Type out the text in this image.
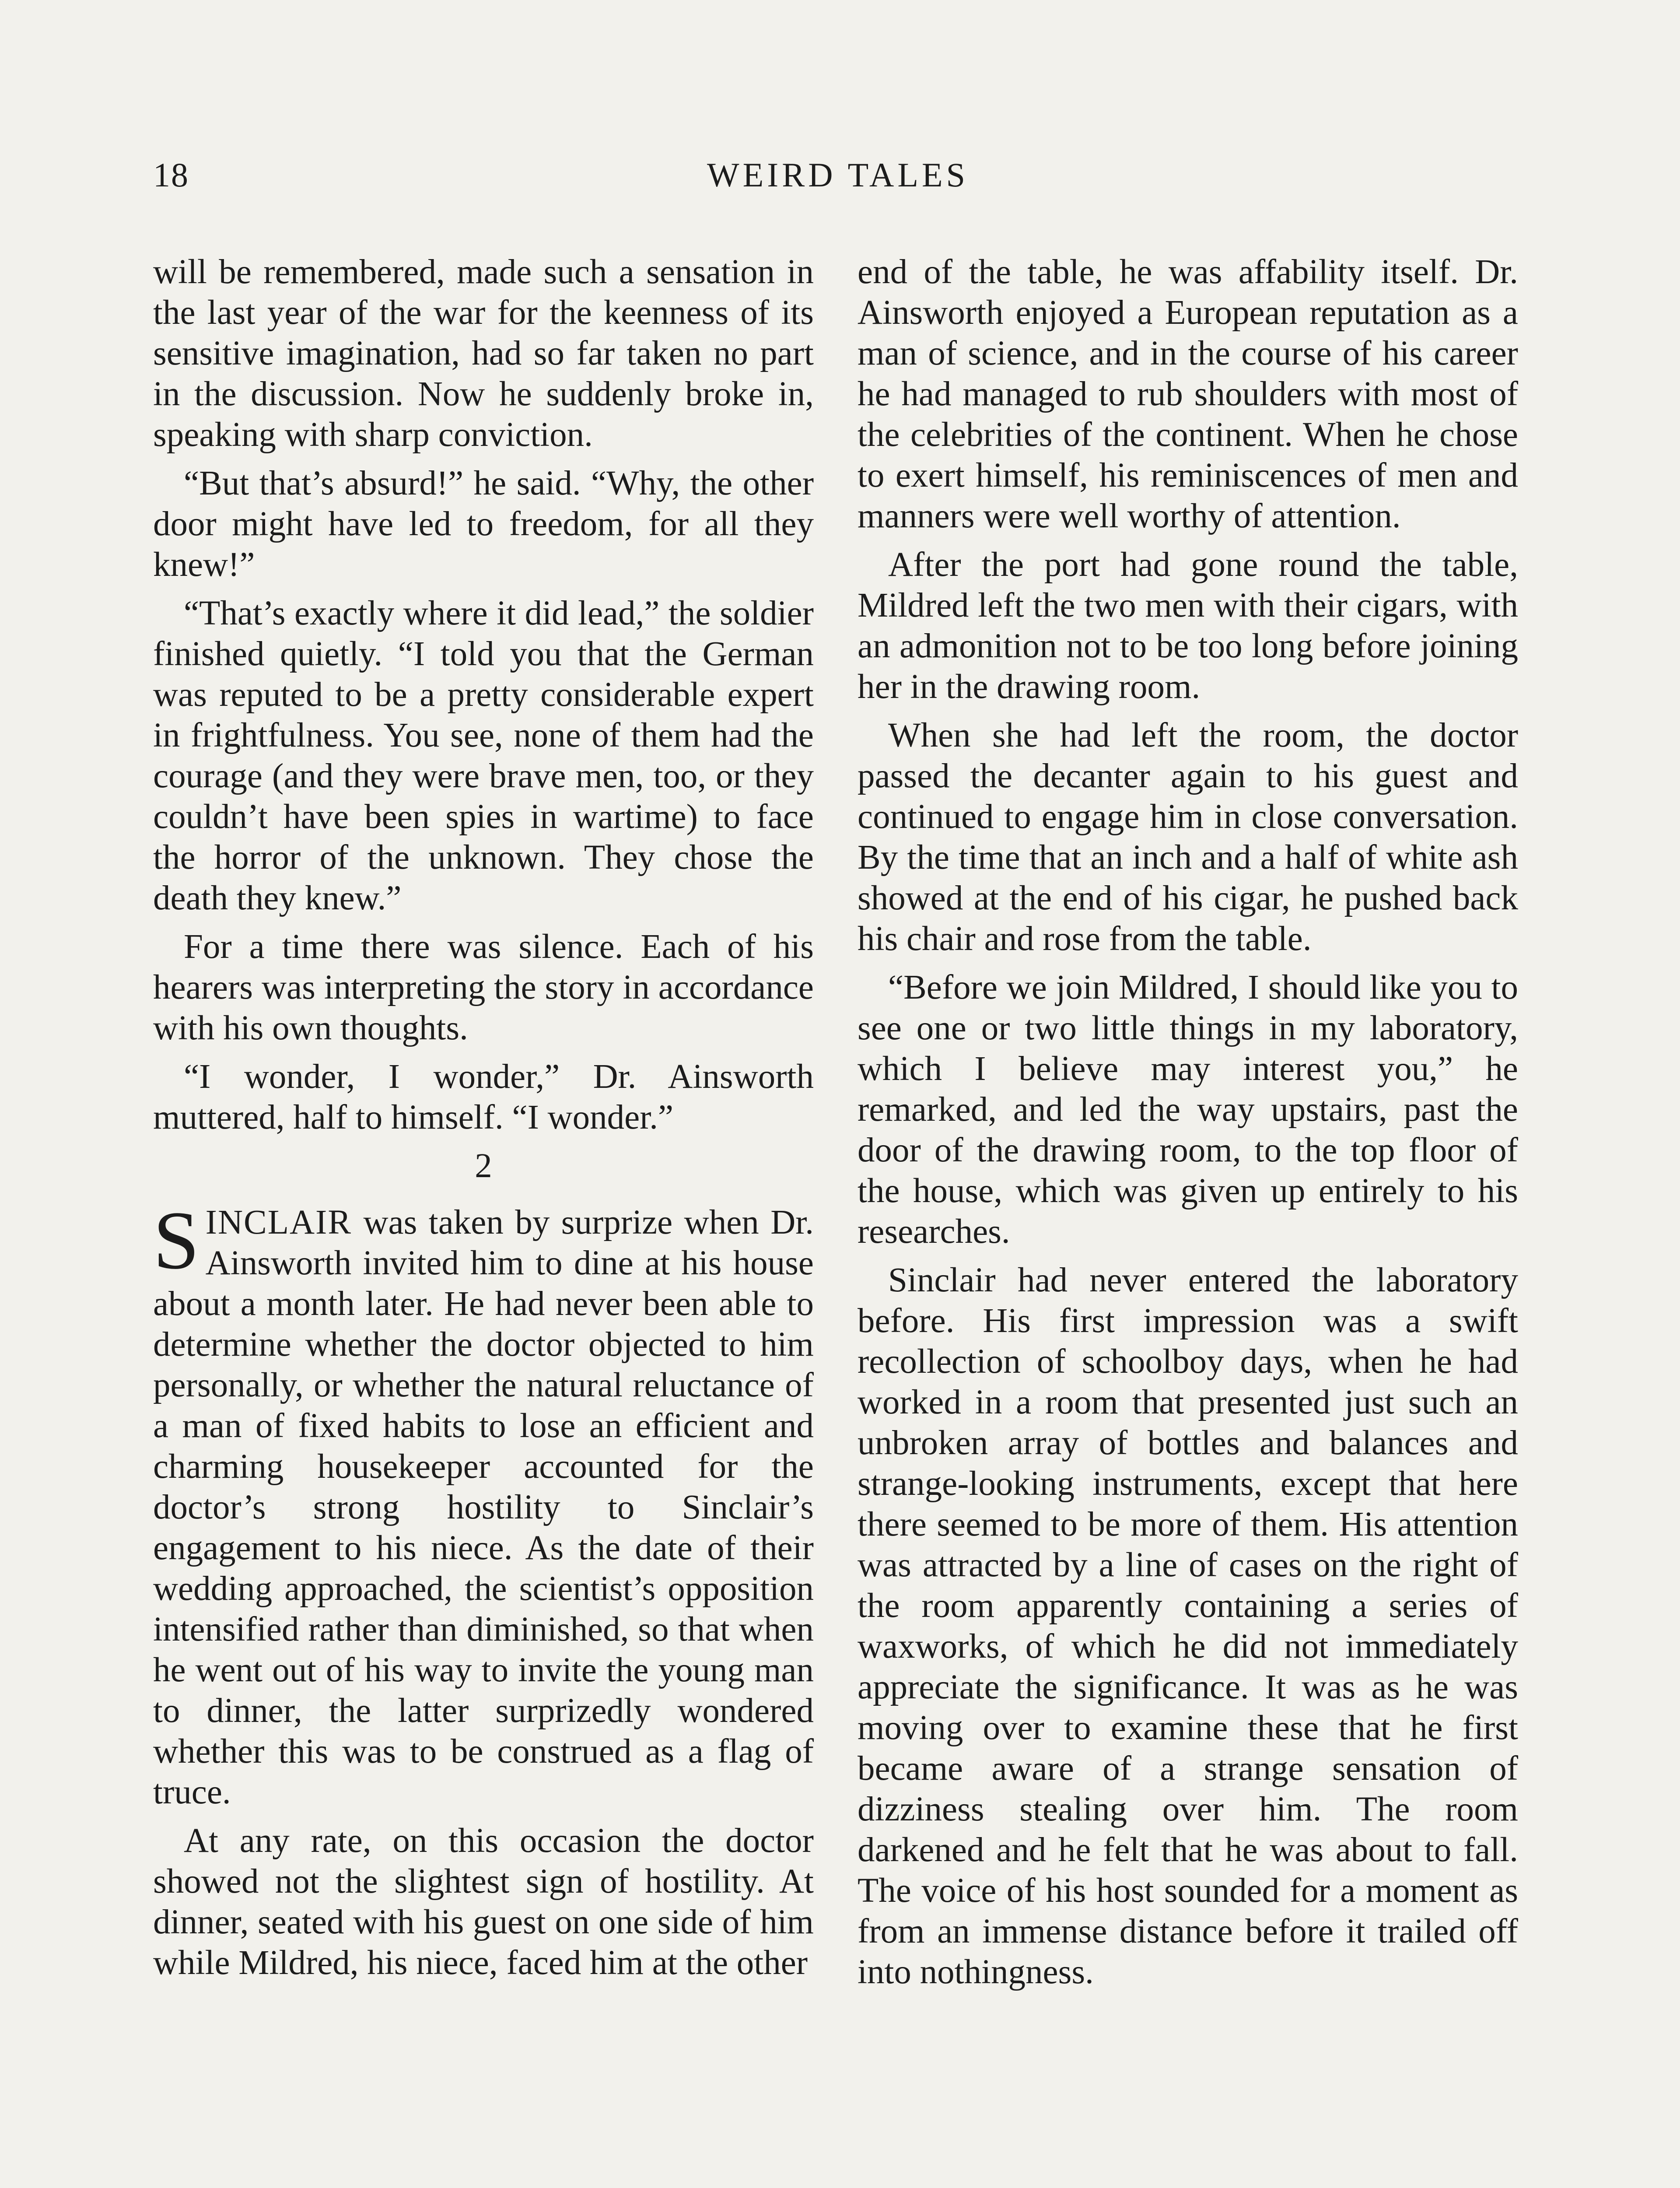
18	WEIRD TALES

will be remembered, made such a sensation in the last year of the war for the keenness of its sensitive imagination, had so far taken no part in the discussion. Now he suddenly broke in, speaking with sharp conviction.

“But that’s absurd!” he said. “Why, the other door might have led to freedom, for all they knew!”

“That’s exactly where it did lead,” the soldier finished quietly. “I told you that the German was reputed to be a pretty considerable expert in frightfulness. You see, none of them had the courage (and they were brave men, too, or they couldn’t have been spies in wartime) to face the horror of the unknown. They chose the death they knew.”

For a time there was silence. Each of his hearers was interpreting the story in accordance with his own thoughts.

“I wonder, I wonder,” Dr. Ainsworth muttered, half to himself. “I wonder.”

2

SINCLAIR was taken by surprize when Dr. Ainsworth invited him to dine at his house about a month later. He had never been able to determine whether the doctor objected to him personally, or whether the natural reluctance of a man of fixed habits to lose an efficient and charming housekeeper accounted for the doctor’s strong hostility to Sinclair’s engagement to his niece. As the date of their wedding approached, the scientist’s opposition intensified rather than diminished, so that when he went out of his way to invite the young man to dinner, the latter surprizedly wondered whether this was to be construed as a flag of truce.

At any rate, on this occasion the doctor showed not the slightest sign of hostility. At dinner, seated with his guest on one side of him while Mildred, his niece, faced him at the other

end of the table, he was affability itself. Dr. Ainsworth enjoyed a European reputation as a man of science, and in the course of his career he had managed to rub shoulders with most of the celebrities of the continent. When he chose to exert himself, his reminiscences of men and manners were well worthy of attention.

After the port had gone round the table, Mildred left the two men with their cigars, with an admonition not to be too long before joining her in the drawing room.

When she had left the room, the doctor passed the decanter again to his guest and continued to engage him in close conversation. By the time that an inch and a half of white ash showed at the end of his cigar, he pushed back his chair and rose from the table.

“Before we join Mildred, I should like you to see one or two little things in my laboratory, which I believe may interest you,” he remarked, and led the way upstairs, past the door of the drawing room, to the top floor of the house, which was given up entirely to his researches.

Sinclair had never entered the laboratory before. His first impression was a swift recollection of schoolboy days, when he had worked in a room that presented just such an unbroken array of bottles and balances and strange-looking instruments, except that here there seemed to be more of them. His attention was attracted by a line of cases on the right of the room apparently containing a series of waxworks, of which he did not immediately appreciate the significance. It was as he was moving over to examine these that he first became aware of a strange sensation of dizziness stealing over him. The room darkened and he felt that he was about to fall. The voice of his host sounded for a moment as from an immense distance before it trailed off into nothingness.
